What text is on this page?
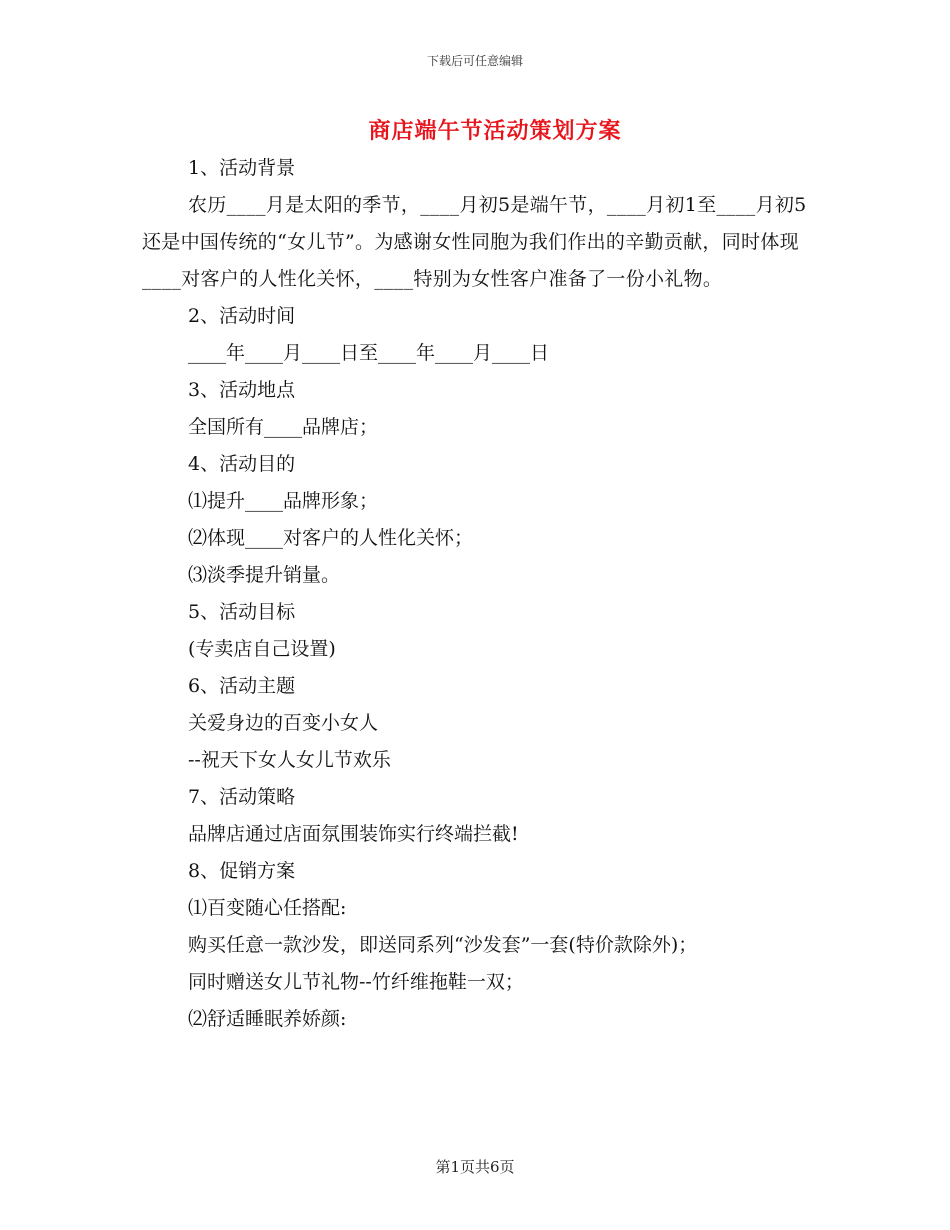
下载后可任意编辑
商店端午节活动策划方案

1、活动背景

农历____月是太阳的季节，____月初5是端午节，____月初1至____月初5还是中国传统的“女儿节”。为感谢女性同胞为我们作出的辛勤贡献，同时体现____对客户的人性化关怀，____特别为女性客户准备了一份小礼物。

2、活动时间

____年____月____日至____年____月____日

3、活动地点

全国所有____品牌店；

4、活动目的

⑴提升____品牌形象；

⑵体现____对客户的人性化关怀；

⑶淡季提升销量。

5、活动目标

(专卖店自己设置)

6、活动主题

关爱身边的百变小女人

--祝天下女人女儿节欢乐

7、活动策略

品牌店通过店面氛围装饰实行终端拦截!

8、促销方案

⑴百变随心任搭配:

购买任意一款沙发，即送同系列“沙发套”一套(特价款除外)；

同时赠送女儿节礼物--竹纤维拖鞋一双；

⑵舒适睡眠养娇颜:

第1页共6页
